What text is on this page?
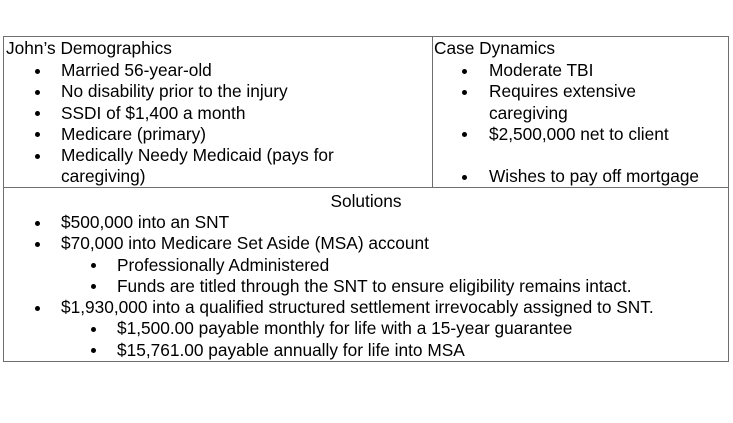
John’s Demographics
Married 56-year-old
No disability prior to the injury
SSDI of $1,400 a month
Medicare (primary)
Medically Needy Medicaid (pays for caregiving)
Case Dynamics
Moderate TBI
Requires extensive caregiving
$2,500,000 net to client
Wishes to pay off mortgage
Solutions
$500,000 into an SNT
$70,000 into Medicare Set Aside (MSA) account
Professionally Administered
Funds are titled through the SNT to ensure eligibility remains intact.
$1,930,000 into a qualified structured settlement irrevocably assigned to SNT.
$1,500.00 payable monthly for life with a 15-year guarantee
$15,761.00 payable annually for life into MSA
